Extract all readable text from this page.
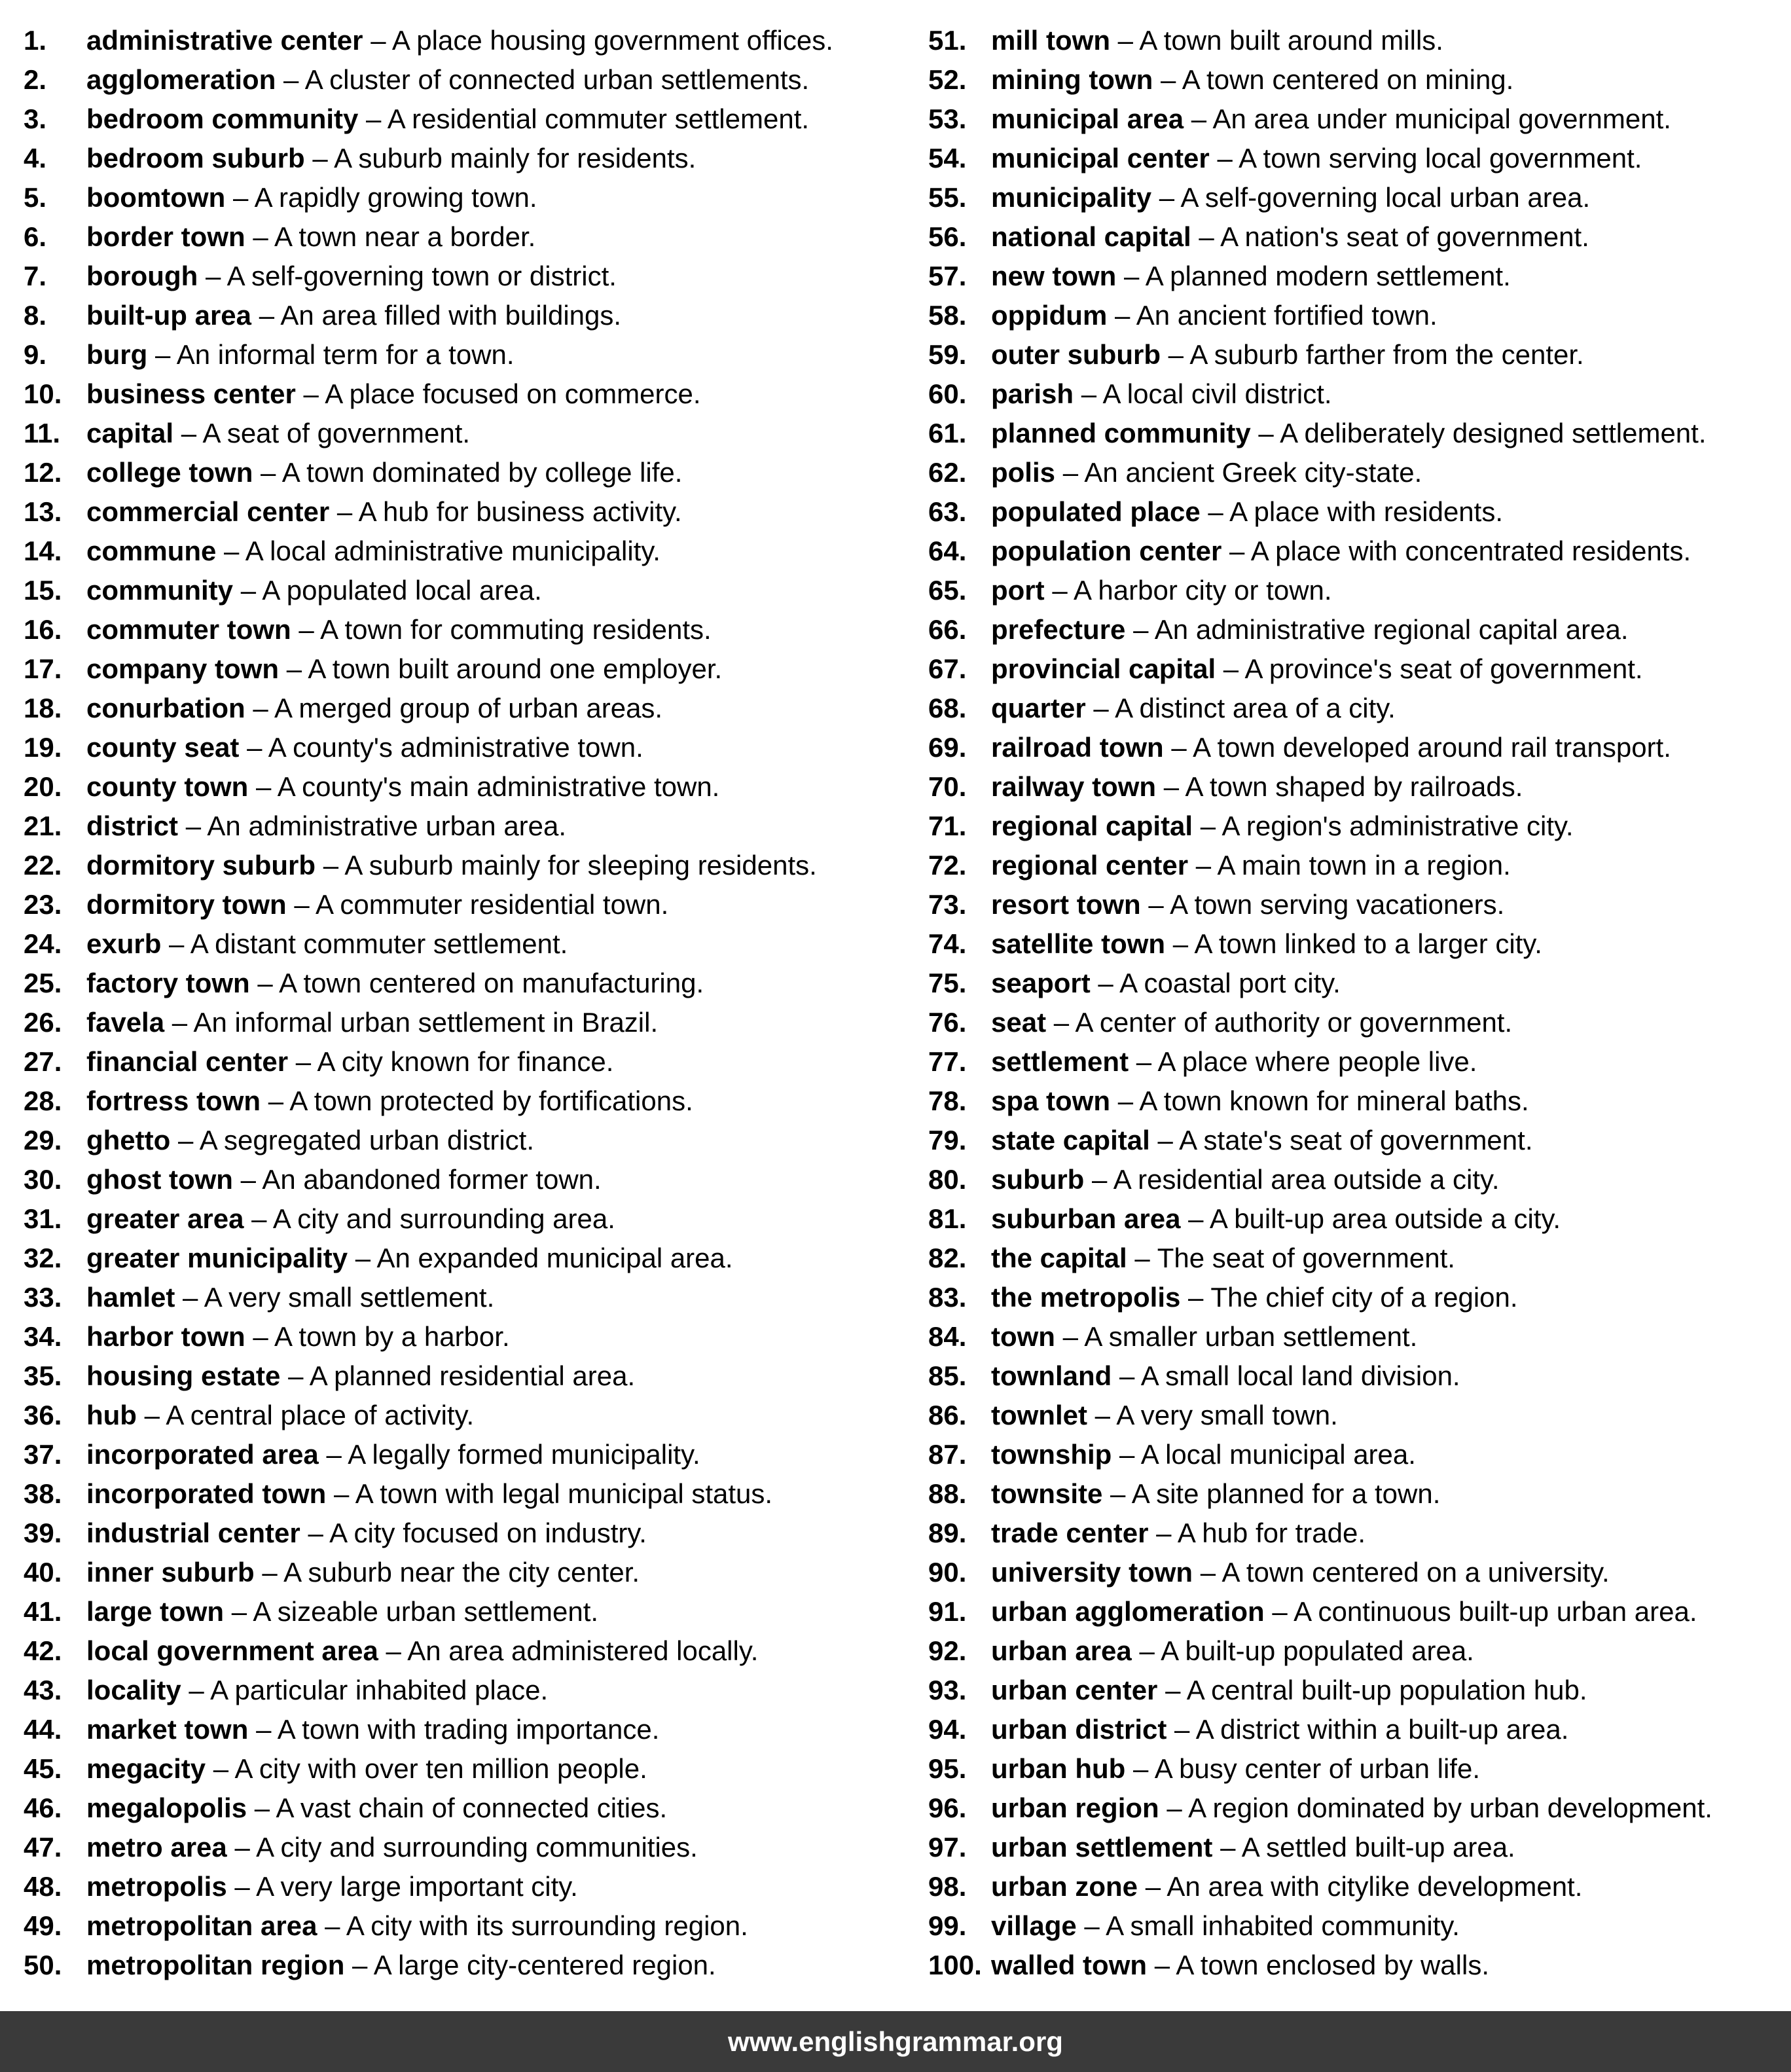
1. administrative center – A place housing government offices.
2. agglomeration – A cluster of connected urban settlements.
3. bedroom community – A residential commuter settlement.
4. bedroom suburb – A suburb mainly for residents.
5. boomtown – A rapidly growing town.
6. border town – A town near a border.
7. borough – A self-governing town or district.
8. built-up area – An area filled with buildings.
9. burg – An informal term for a town.
10. business center – A place focused on commerce.
11. capital – A seat of government.
12. college town – A town dominated by college life.
13. commercial center – A hub for business activity.
14. commune – A local administrative municipality.
15. community – A populated local area.
16. commuter town – A town for commuting residents.
17. company town – A town built around one employer.
18. conurbation – A merged group of urban areas.
19. county seat – A county's administrative town.
20. county town – A county's main administrative town.
21. district – An administrative urban area.
22. dormitory suburb – A suburb mainly for sleeping residents.
23. dormitory town – A commuter residential town.
24. exurb – A distant commuter settlement.
25. factory town – A town centered on manufacturing.
26. favela – An informal urban settlement in Brazil.
27. financial center – A city known for finance.
28. fortress town – A town protected by fortifications.
29. ghetto – A segregated urban district.
30. ghost town – An abandoned former town.
31. greater area – A city and surrounding area.
32. greater municipality – An expanded municipal area.
33. hamlet – A very small settlement.
34. harbor town – A town by a harbor.
35. housing estate – A planned residential area.
36. hub – A central place of activity.
37. incorporated area – A legally formed municipality.
38. incorporated town – A town with legal municipal status.
39. industrial center – A city focused on industry.
40. inner suburb – A suburb near the city center.
41. large town – A sizeable urban settlement.
42. local government area – An area administered locally.
43. locality – A particular inhabited place.
44. market town – A town with trading importance.
45. megacity – A city with over ten million people.
46. megalopolis – A vast chain of connected cities.
47. metro area – A city and surrounding communities.
48. metropolis – A very large important city.
49. metropolitan area – A city with its surrounding region.
50. metropolitan region – A large city-centered region.
51. mill town – A town built around mills.
52. mining town – A town centered on mining.
53. municipal area – An area under municipal government.
54. municipal center – A town serving local government.
55. municipality – A self-governing local urban area.
56. national capital – A nation's seat of government.
57. new town – A planned modern settlement.
58. oppidum – An ancient fortified town.
59. outer suburb – A suburb farther from the center.
60. parish – A local civil district.
61. planned community – A deliberately designed settlement.
62. polis – An ancient Greek city-state.
63. populated place – A place with residents.
64. population center – A place with concentrated residents.
65. port – A harbor city or town.
66. prefecture – An administrative regional capital area.
67. provincial capital – A province's seat of government.
68. quarter – A distinct area of a city.
69. railroad town – A town developed around rail transport.
70. railway town – A town shaped by railroads.
71. regional capital – A region's administrative city.
72. regional center – A main town in a region.
73. resort town – A town serving vacationers.
74. satellite town – A town linked to a larger city.
75. seaport – A coastal port city.
76. seat – A center of authority or government.
77. settlement – A place where people live.
78. spa town – A town known for mineral baths.
79. state capital – A state's seat of government.
80. suburb – A residential area outside a city.
81. suburban area – A built-up area outside a city.
82. the capital – The seat of government.
83. the metropolis – The chief city of a region.
84. town – A smaller urban settlement.
85. townland – A small local land division.
86. townlet – A very small town.
87. township – A local municipal area.
88. townsite – A site planned for a town.
89. trade center – A hub for trade.
90. university town – A town centered on a university.
91. urban agglomeration – A continuous built-up urban area.
92. urban area – A built-up populated area.
93. urban center – A central built-up population hub.
94. urban district – A district within a built-up area.
95. urban hub – A busy center of urban life.
96. urban region – A region dominated by urban development.
97. urban settlement – A settled built-up area.
98. urban zone – An area with citylike development.
99. village – A small inhabited community.
100. walled town – A town enclosed by walls.
www.englishgrammar.org
